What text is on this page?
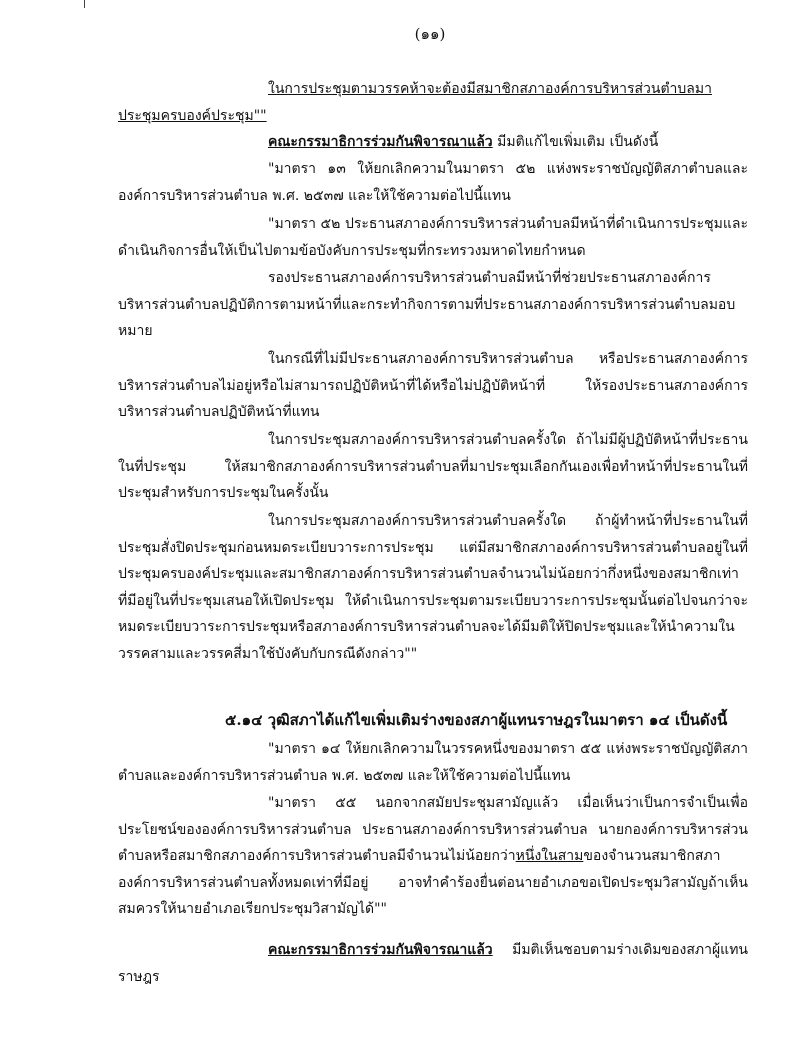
(๑๑)

ในการประชุมตามวรรคห้าจะต้องมีสมาชิกสภาองค์การบริหารส่วนตำบลมาประชุมครบองค์ประชุม""

คณะกรรมาธิการร่วมกันพิจารณาแล้ว มีมติแก้ไขเพิ่มเติม เป็นดังนี้

"มาตรา ๑๓ ให้ยกเลิกความในมาตรา ๕๒ แห่งพระราชบัญญัติสภาตำบลและองค์การบริหารส่วนตำบล พ.ศ. ๒๕๓๗ และให้ใช้ความต่อไปนี้แทน

"มาตรา ๕๒ ประธานสภาองค์การบริหารส่วนตำบลมีหน้าที่ดำเนินการประชุมและดำเนินกิจการอื่นให้เป็นไปตามข้อบังคับการประชุมที่กระทรวงมหาดไทยกำหนด

รองประธานสภาองค์การบริหารส่วนตำบลมีหน้าที่ช่วยประธานสภาองค์การบริหารส่วนตำบลปฏิบัติการตามหน้าที่และกระทำกิจการตามที่ประธานสภาองค์การบริหารส่วนตำบลมอบหมาย

ในกรณีที่ไม่มีประธานสภาองค์การบริหารส่วนตำบล หรือประธานสภาองค์การบริหารส่วนตำบลไม่อยู่หรือไม่สามารถปฏิบัติหน้าที่ได้หรือไม่ปฏิบัติหน้าที่ ให้รองประธานสภาองค์การบริหารส่วนตำบลปฏิบัติหน้าที่แทน

ในการประชุมสภาองค์การบริหารส่วนตำบลครั้งใด ถ้าไม่มีผู้ปฏิบัติหน้าที่ประธานในที่ประชุม ให้สมาชิกสภาองค์การบริหารส่วนตำบลที่มาประชุมเลือกกันเองเพื่อทำหน้าที่ประธานในที่ประชุมสำหรับการประชุมในครั้งนั้น

ในการประชุมสภาองค์การบริหารส่วนตำบลครั้งใด ถ้าผู้ทำหน้าที่ประธานในที่ประชุมสั่งปิดประชุมก่อนหมดระเบียบวาระการประชุม แต่มีสมาชิกสภาองค์การบริหารส่วนตำบลอยู่ในที่ประชุมครบองค์ประชุมและสมาชิกสภาองค์การบริหารส่วนตำบลจำนวนไม่น้อยกว่ากึ่งหนึ่งของสมาชิกเท่าที่มีอยู่ในที่ประชุมเสนอให้เปิดประชุม ให้ดำเนินการประชุมตามระเบียบวาระการประชุมนั้นต่อไปจนกว่าจะหมดระเบียบวาระการประชุมหรือสภาองค์การบริหารส่วนตำบลจะได้มีมติให้ปิดประชุมและให้นำความในวรรคสามและวรรคสี่มาใช้บังคับกับกรณีดังกล่าว""

๕.๑๔ วุฒิสภาได้แก้ไขเพิ่มเติมร่างของสภาผู้แทนราษฎรในมาตรา ๑๔ เป็นดังนี้

"มาตรา ๑๔ ให้ยกเลิกความในวรรคหนึ่งของมาตรา ๕๕ แห่งพระราชบัญญัติสภาตำบลและองค์การบริหารส่วนตำบล พ.ศ. ๒๕๓๗ และให้ใช้ความต่อไปนี้แทน

"มาตรา ๕๕ นอกจากสมัยประชุมสามัญแล้ว เมื่อเห็นว่าเป็นการจำเป็นเพื่อประโยชน์ขององค์การบริหารส่วนตำบล ประธานสภาองค์การบริหารส่วนตำบล นายกองค์การบริหารส่วนตำบลหรือสมาชิกสภาองค์การบริหารส่วนตำบลมีจำนวนไม่น้อยกว่าหนึ่งในสามของจำนวนสมาชิกสภาองค์การบริหารส่วนตำบลทั้งหมดเท่าที่มีอยู่ อาจทำคำร้องยื่นต่อนายอำเภอขอเปิดประชุมวิสามัญถ้าเห็นสมควรให้นายอำเภอเรียกประชุมวิสามัญได้""

คณะกรรมาธิการร่วมกันพิจารณาแล้ว มีมติเห็นชอบตามร่างเดิมของสภาผู้แทนราษฎร
